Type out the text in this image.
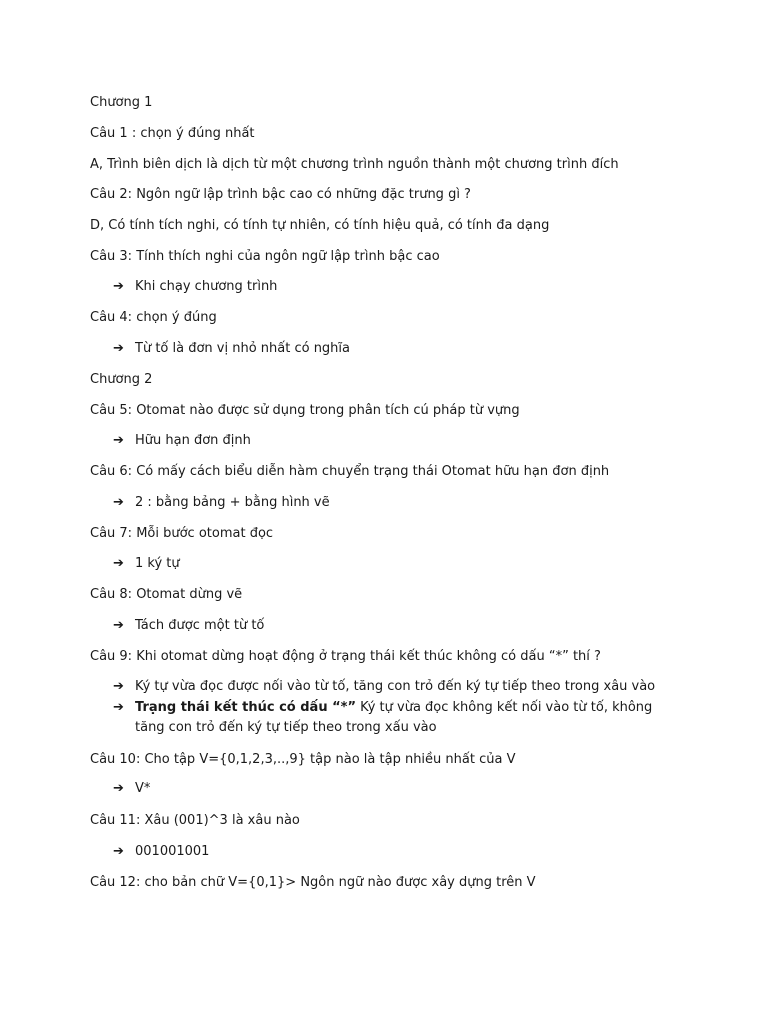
Chương 1
Câu 1 : chọn ý đúng nhất
A, Trình biên dịch là dịch từ một chương trình nguồn thành một chương trình đích
Câu 2: Ngôn ngữ lập trình bậc cao có những đặc trưng gì ?
D, Có tính tích nghi, có tính tự nhiên, có tính hiệu quả, có tính đa dạng
Câu 3: Tính thích nghi của ngôn ngữ lập trình bậc cao
➔ Khi chạy chương trình
Câu 4: chọn ý đúng
➔ Từ tố là đơn vị nhỏ nhất có nghĩa
Chương 2
Câu 5: Otomat nào được sử dụng trong phân tích cú pháp từ vựng
➔ Hữu hạn đơn định
Câu 6: Có mấy cách biểu diễn hàm chuyển trạng thái Otomat hữu hạn đơn định
➔ 2 : bằng bảng + bằng hình vẽ
Câu 7: Mỗi bước otomat đọc
➔ 1 ký tự
Câu 8: Otomat dừng vẽ
➔ Tách được một từ tố
Câu 9: Khi otomat dừng hoạt động ở trạng thái kết thúc không có dấu “*” thí ?
➔ Ký tự vừa đọc được nối vào từ tố, tăng con trỏ đến ký tự tiếp theo trong xâu vào
➔ Trạng thái kết thúc có dấu “*” Ký tự vừa đọc không kết nối vào từ tố, không tăng con trỏ đến ký tự tiếp theo trong xấu vào
Câu 10: Cho tập V={0,1,2,3,..,9} tập nào là tập nhiều nhất của V
➔ V*
Câu 11: Xâu (001)^3 là xâu nào
➔ 001001001
Câu 12: cho bản chữ V={0,1}> Ngôn ngữ nào được xây dựng trên V
